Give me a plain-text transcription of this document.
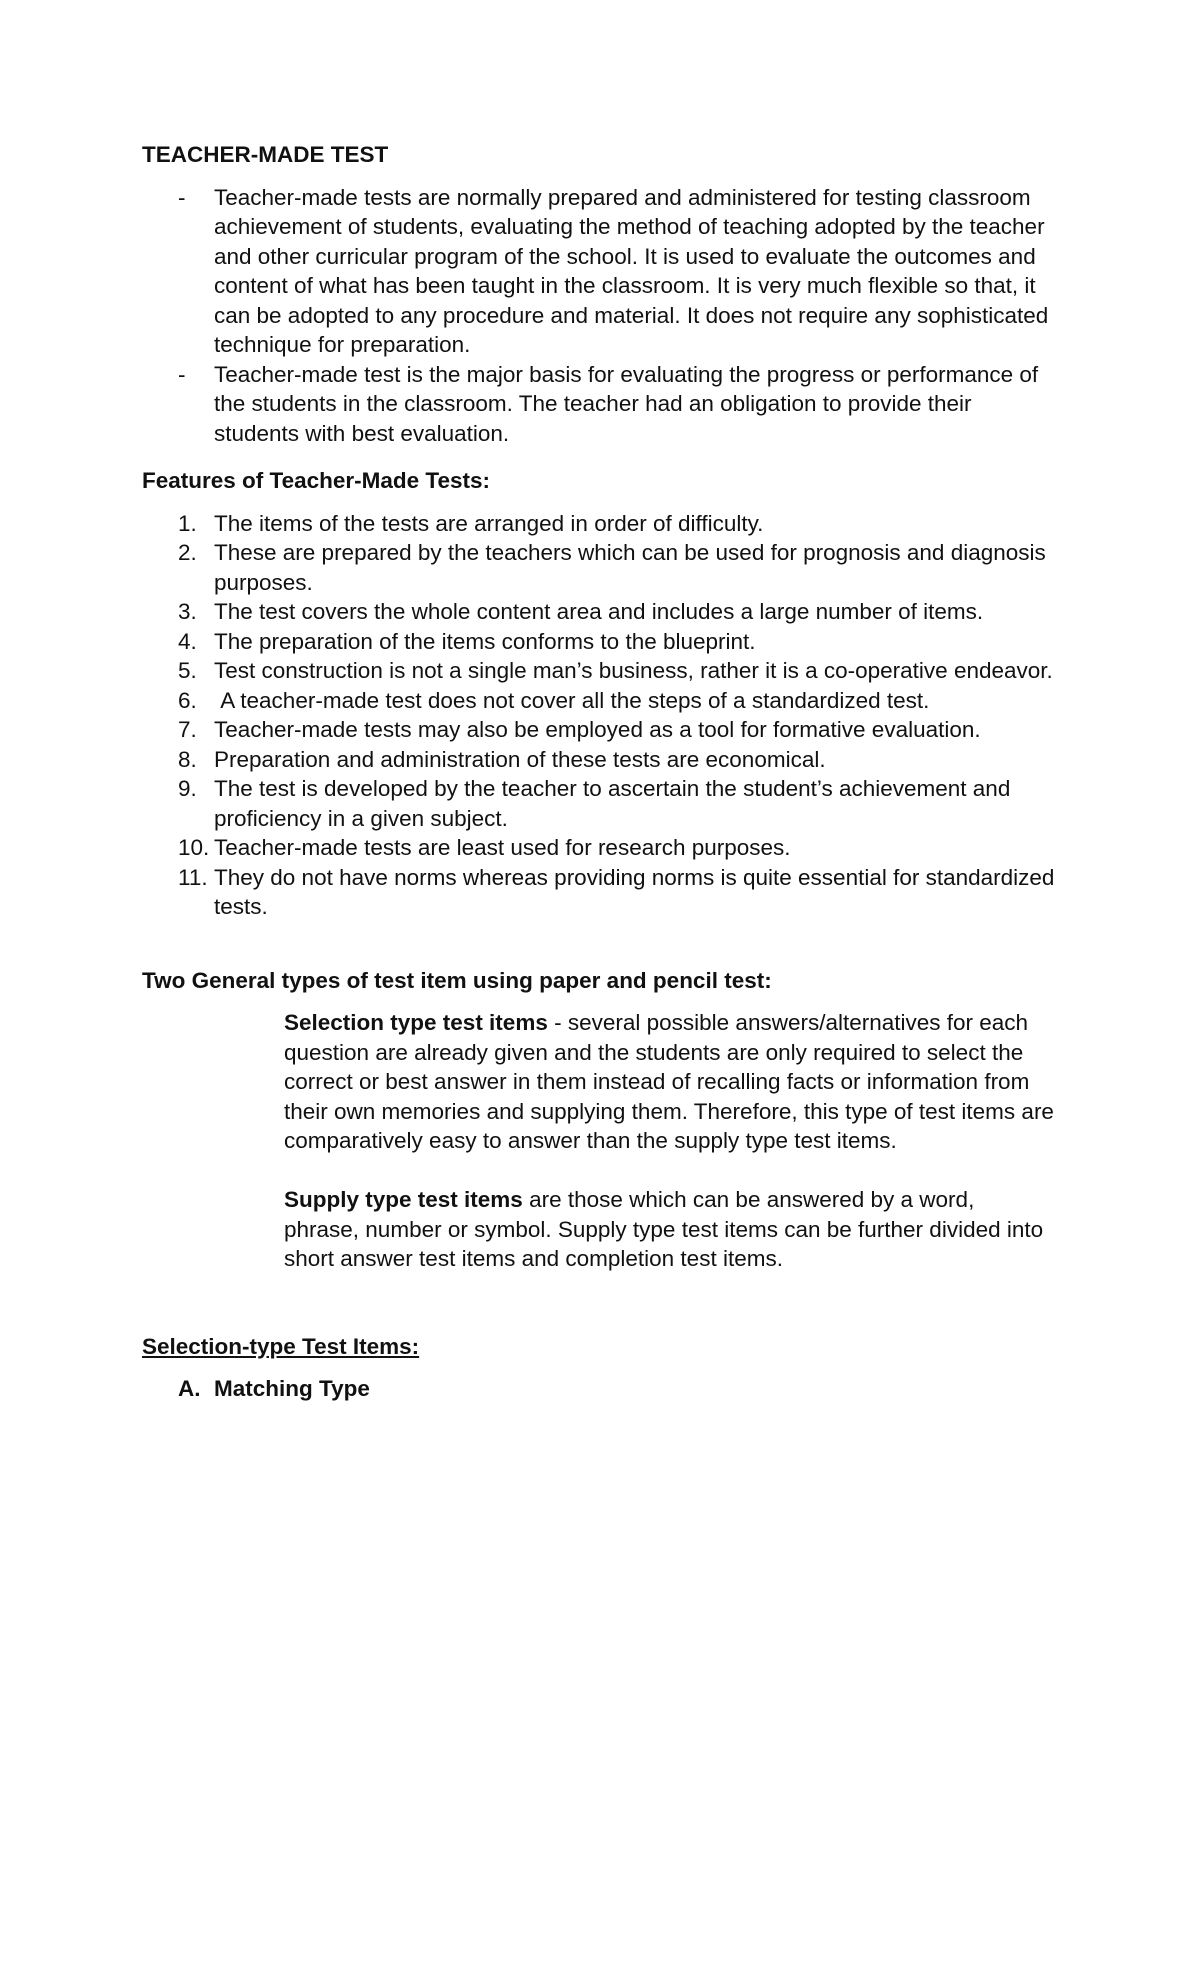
TEACHER-MADE TEST
- Teacher-made tests are normally prepared and administered for testing classroom achievement of students, evaluating the method of teaching adopted by the teacher and other curricular program of the school. It is used to evaluate the outcomes and content of what has been taught in the classroom. It is very much flexible so that, it can be adopted to any procedure and material. It does not require any sophisticated technique for preparation.
- Teacher-made test is the major basis for evaluating the progress or performance of the students in the classroom. The teacher had an obligation to provide their students with best evaluation.
Features of Teacher-Made Tests:
1. The items of the tests are arranged in order of difficulty.
2. These are prepared by the teachers which can be used for prognosis and diagnosis purposes.
3. The test covers the whole content area and includes a large number of items.
4. The preparation of the items conforms to the blueprint.
5. Test construction is not a single man’s business, rather it is a co-operative endeavor.
6. A teacher-made test does not cover all the steps of a standardized test.
7. Teacher-made tests may also be employed as a tool for formative evaluation.
8. Preparation and administration of these tests are economical.
9. The test is developed by the teacher to ascertain the student’s achievement and proficiency in a given subject.
10. Teacher-made tests are least used for research purposes.
11. They do not have norms whereas providing norms is quite essential for standardized tests.
Two General types of test item using paper and pencil test:

Selection type test items - several possible answers/alternatives for each question are already given and the students are only required to select the correct or best answer in them instead of recalling facts or information from their own memories and supplying them. Therefore, this type of test items are  comparatively easy to answer than the supply type test items.

Supply type test items are those which can be answered by a word, phrase, number or symbol. Supply type test items can be further divided into short answer test items and completion test items.

Selection-type Test Items:
A. Matching Type
